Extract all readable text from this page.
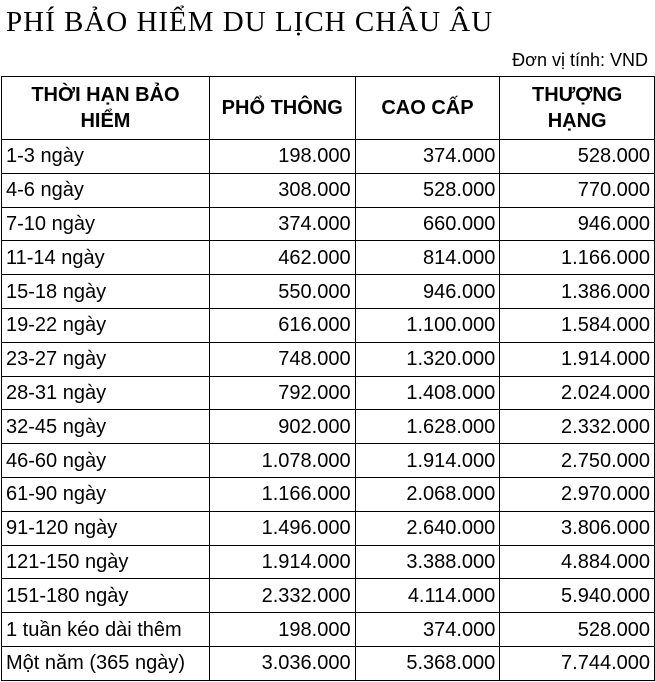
PHÍ BẢO HIỂM DU LỊCH CHÂU ÂU
Đơn vị tính: VND
THỜI HẠN BẢO HIỂM	PHỔ THÔNG	CAO CẤP	THƯỢNG HẠNG
1-3 ngày	198.000	374.000	528.000
4-6 ngày	308.000	528.000	770.000
7-10 ngày	374.000	660.000	946.000
11-14 ngày	462.000	814.000	1.166.000
15-18 ngày	550.000	946.000	1.386.000
19-22 ngày	616.000	1.100.000	1.584.000
23-27 ngày	748.000	1.320.000	1.914.000
28-31 ngày	792.000	1.408.000	2.024.000
32-45 ngày	902.000	1.628.000	2.332.000
46-60 ngày	1.078.000	1.914.000	2.750.000
61-90 ngày	1.166.000	2.068.000	2.970.000
91-120 ngày	1.496.000	2.640.000	3.806.000
121-150 ngày	1.914.000	3.388.000	4.884.000
151-180 ngày	2.332.000	4.114.000	5.940.000
1 tuần kéo dài thêm	198.000	374.000	528.000
Một năm (365 ngày)	3.036.000	5.368.000	7.744.000
